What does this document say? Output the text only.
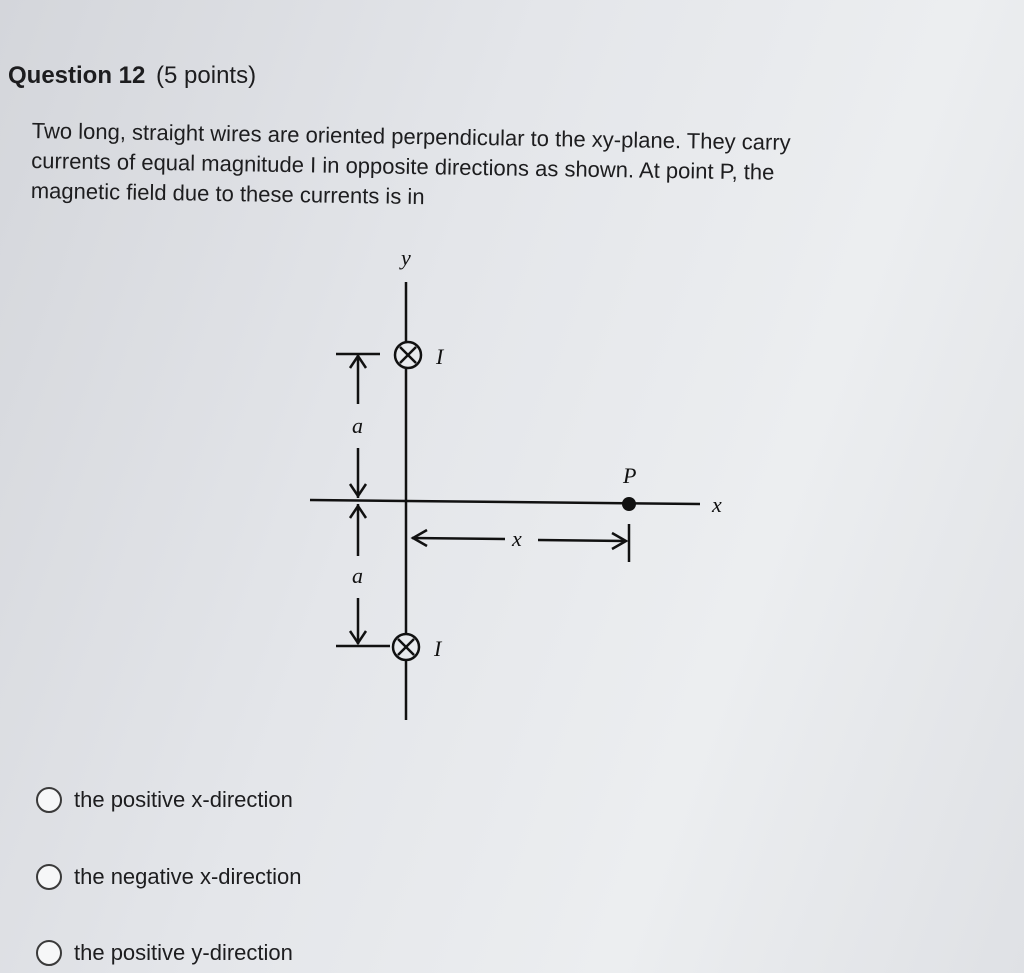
Question 12 (5 points)
Two long, straight wires are oriented perpendicular to the xy-plane. They carry
currents of equal magnitude I in opposite directions as shown. At point P, the
magnetic field due to these currents is in
y
x
I
I
a
a
x
P
the positive x-direction
the negative x-direction
the positive y-direction
